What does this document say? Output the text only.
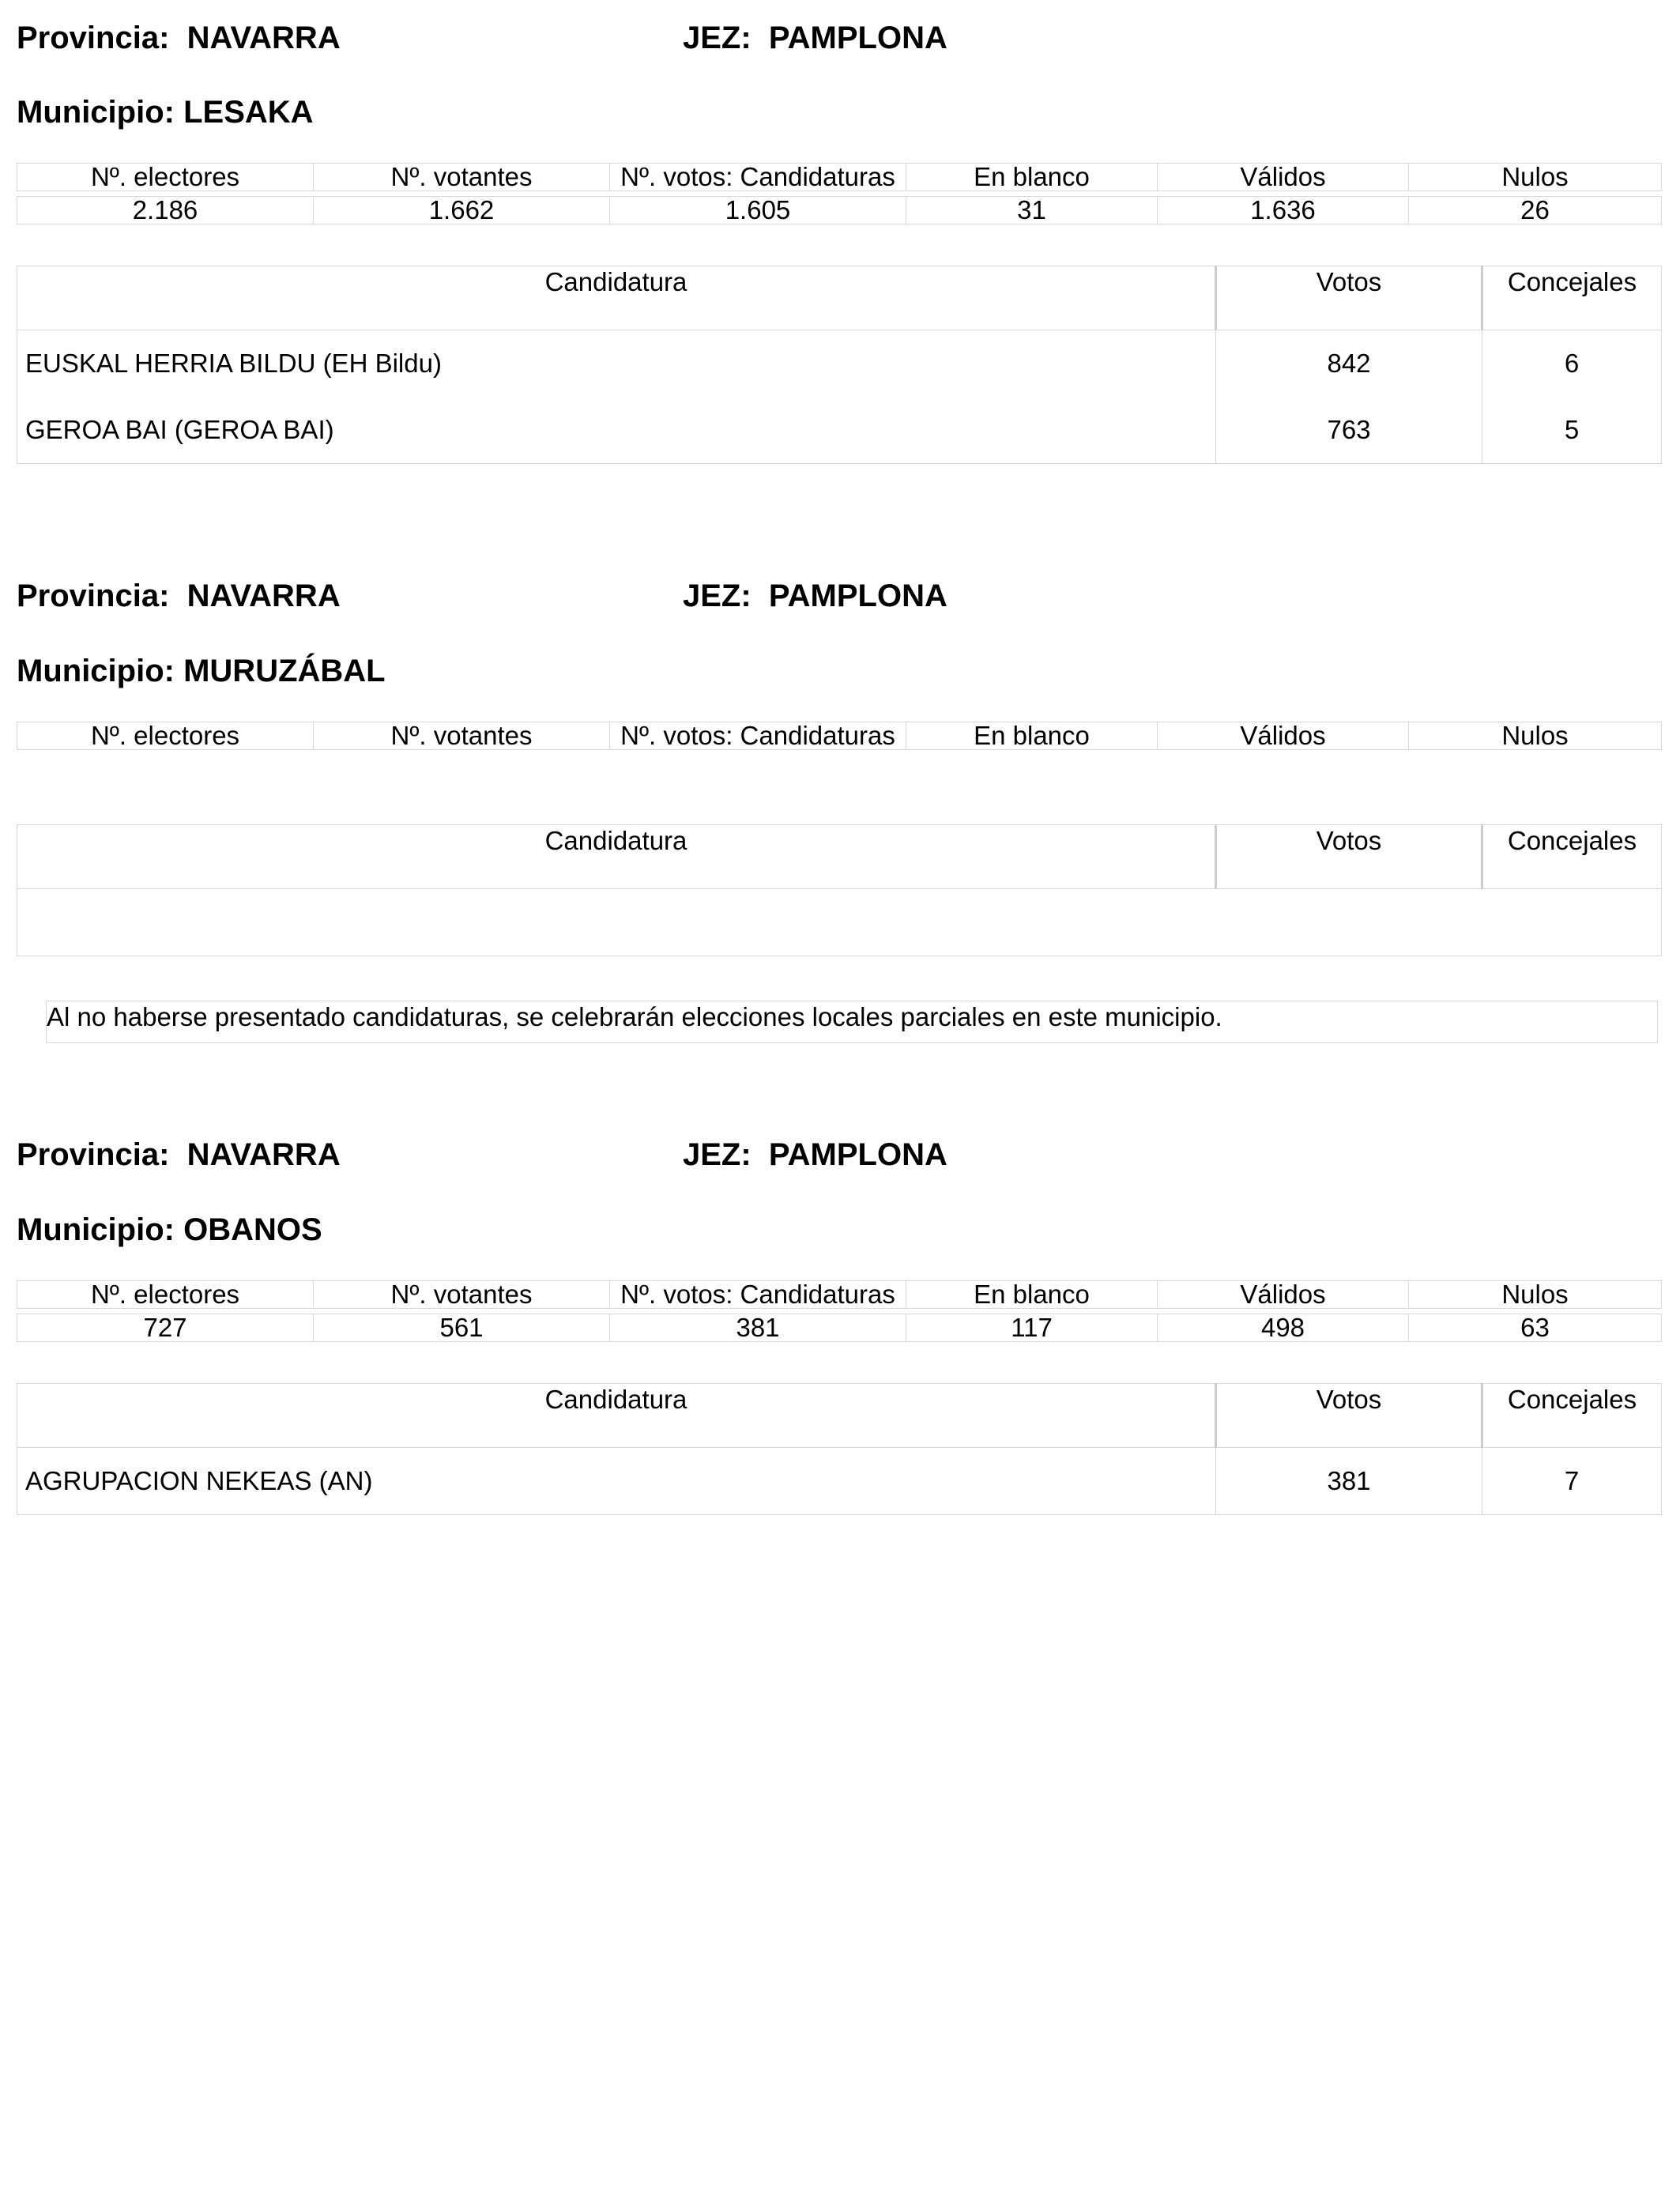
Provincia: NAVARRA	JEZ: PAMPLONA
Municipio: LESAKA
Nº. electores	Nº. votantes	Nº. votos: Candidaturas	En blanco	Válidos	Nulos

2.186	1.662	1.605	31	1.636	26
Candidatura	Votos	Concejales
EUSKAL HERRIA BILDU (EH Bildu)	842	6
GEROA BAI (GEROA BAI)	763	5
Provincia: NAVARRA	JEZ: PAMPLONA
Municipio: MURUZÁBAL
Nº. electores	Nº. votantes	Nº. votos: Candidaturas	En blanco	Válidos	Nulos
Candidatura	Votos	Concejales

Al no haberse presentado candidaturas, se celebrarán elecciones locales parciales en este municipio.
Provincia: NAVARRA	JEZ: PAMPLONA
Municipio: OBANOS
Nº. electores	Nº. votantes	Nº. votos: Candidaturas	En blanco	Válidos	Nulos

727	561	381	117	498	63
Candidatura	Votos	Concejales
AGRUPACION NEKEAS (AN)	381	7
